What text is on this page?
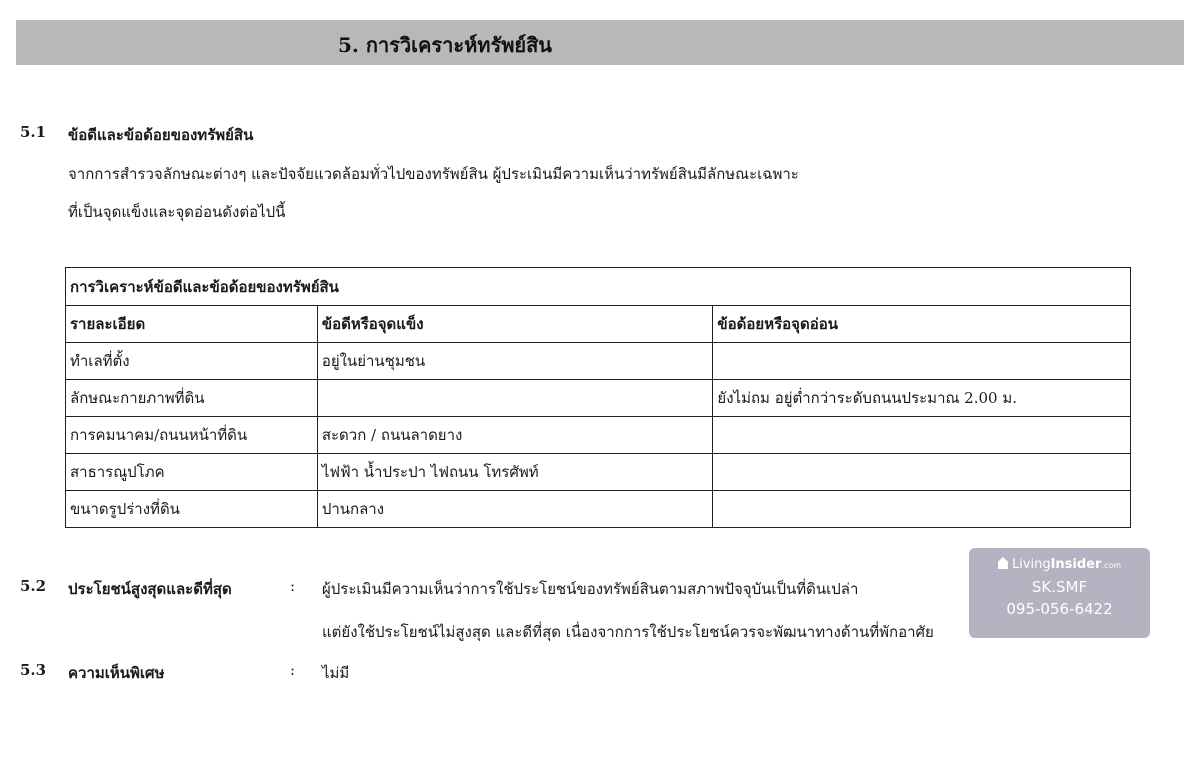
5. การวิเคราะห์ทรัพย์สิน
5.1 ข้อดีและข้อด้อยของทรัพย์สิน
จากการสำรวจลักษณะต่างๆ และปัจจัยแวดล้อมทั่วไปของทรัพย์สิน ผู้ประเมินมีความเห็นว่าทรัพย์สินมีลักษณะเฉพาะ
ที่เป็นจุดแข็งและจุดอ่อนดังต่อไปนี้
การวิเคราะห์ข้อดีและข้อด้อยของทรัพย์สิน		
รายละเอียด	ข้อดีหรือจุดแข็ง	ข้อด้อยหรือจุดอ่อน
ทำเลที่ตั้ง	อยู่ในย่านชุมชน	
ลักษณะกายภาพที่ดิน		ยังไม่ถม อยู่ต่ำกว่าระดับถนนประมาณ 2.00 ม.
การคมนาคม/ถนนหน้าที่ดิน	สะดวก / ถนนลาดยาง	
สาธารณูปโภค	ไฟฟ้า น้ำประปา ไฟถนน โทรศัพท์	
ขนาดรูปร่างที่ดิน	ปานกลาง	
5.2 ประโยชน์สูงสุดและดีที่สุด	: ผู้ประเมินมีความเห็นว่าการใช้ประโยชน์ของทรัพย์สินตามสภาพปัจจุบันเป็นที่ดินเปล่า
แต่ยังใช้ประโยชน์ไม่สูงสุด และดีที่สุด เนื่องจากการใช้ประโยชน์ควรจะพัฒนาทางด้านที่พักอาศัย
5.3 ความเห็นพิเศษ	: ไม่มี
LivingInsider.com
SK.SMF
095-056-6422
